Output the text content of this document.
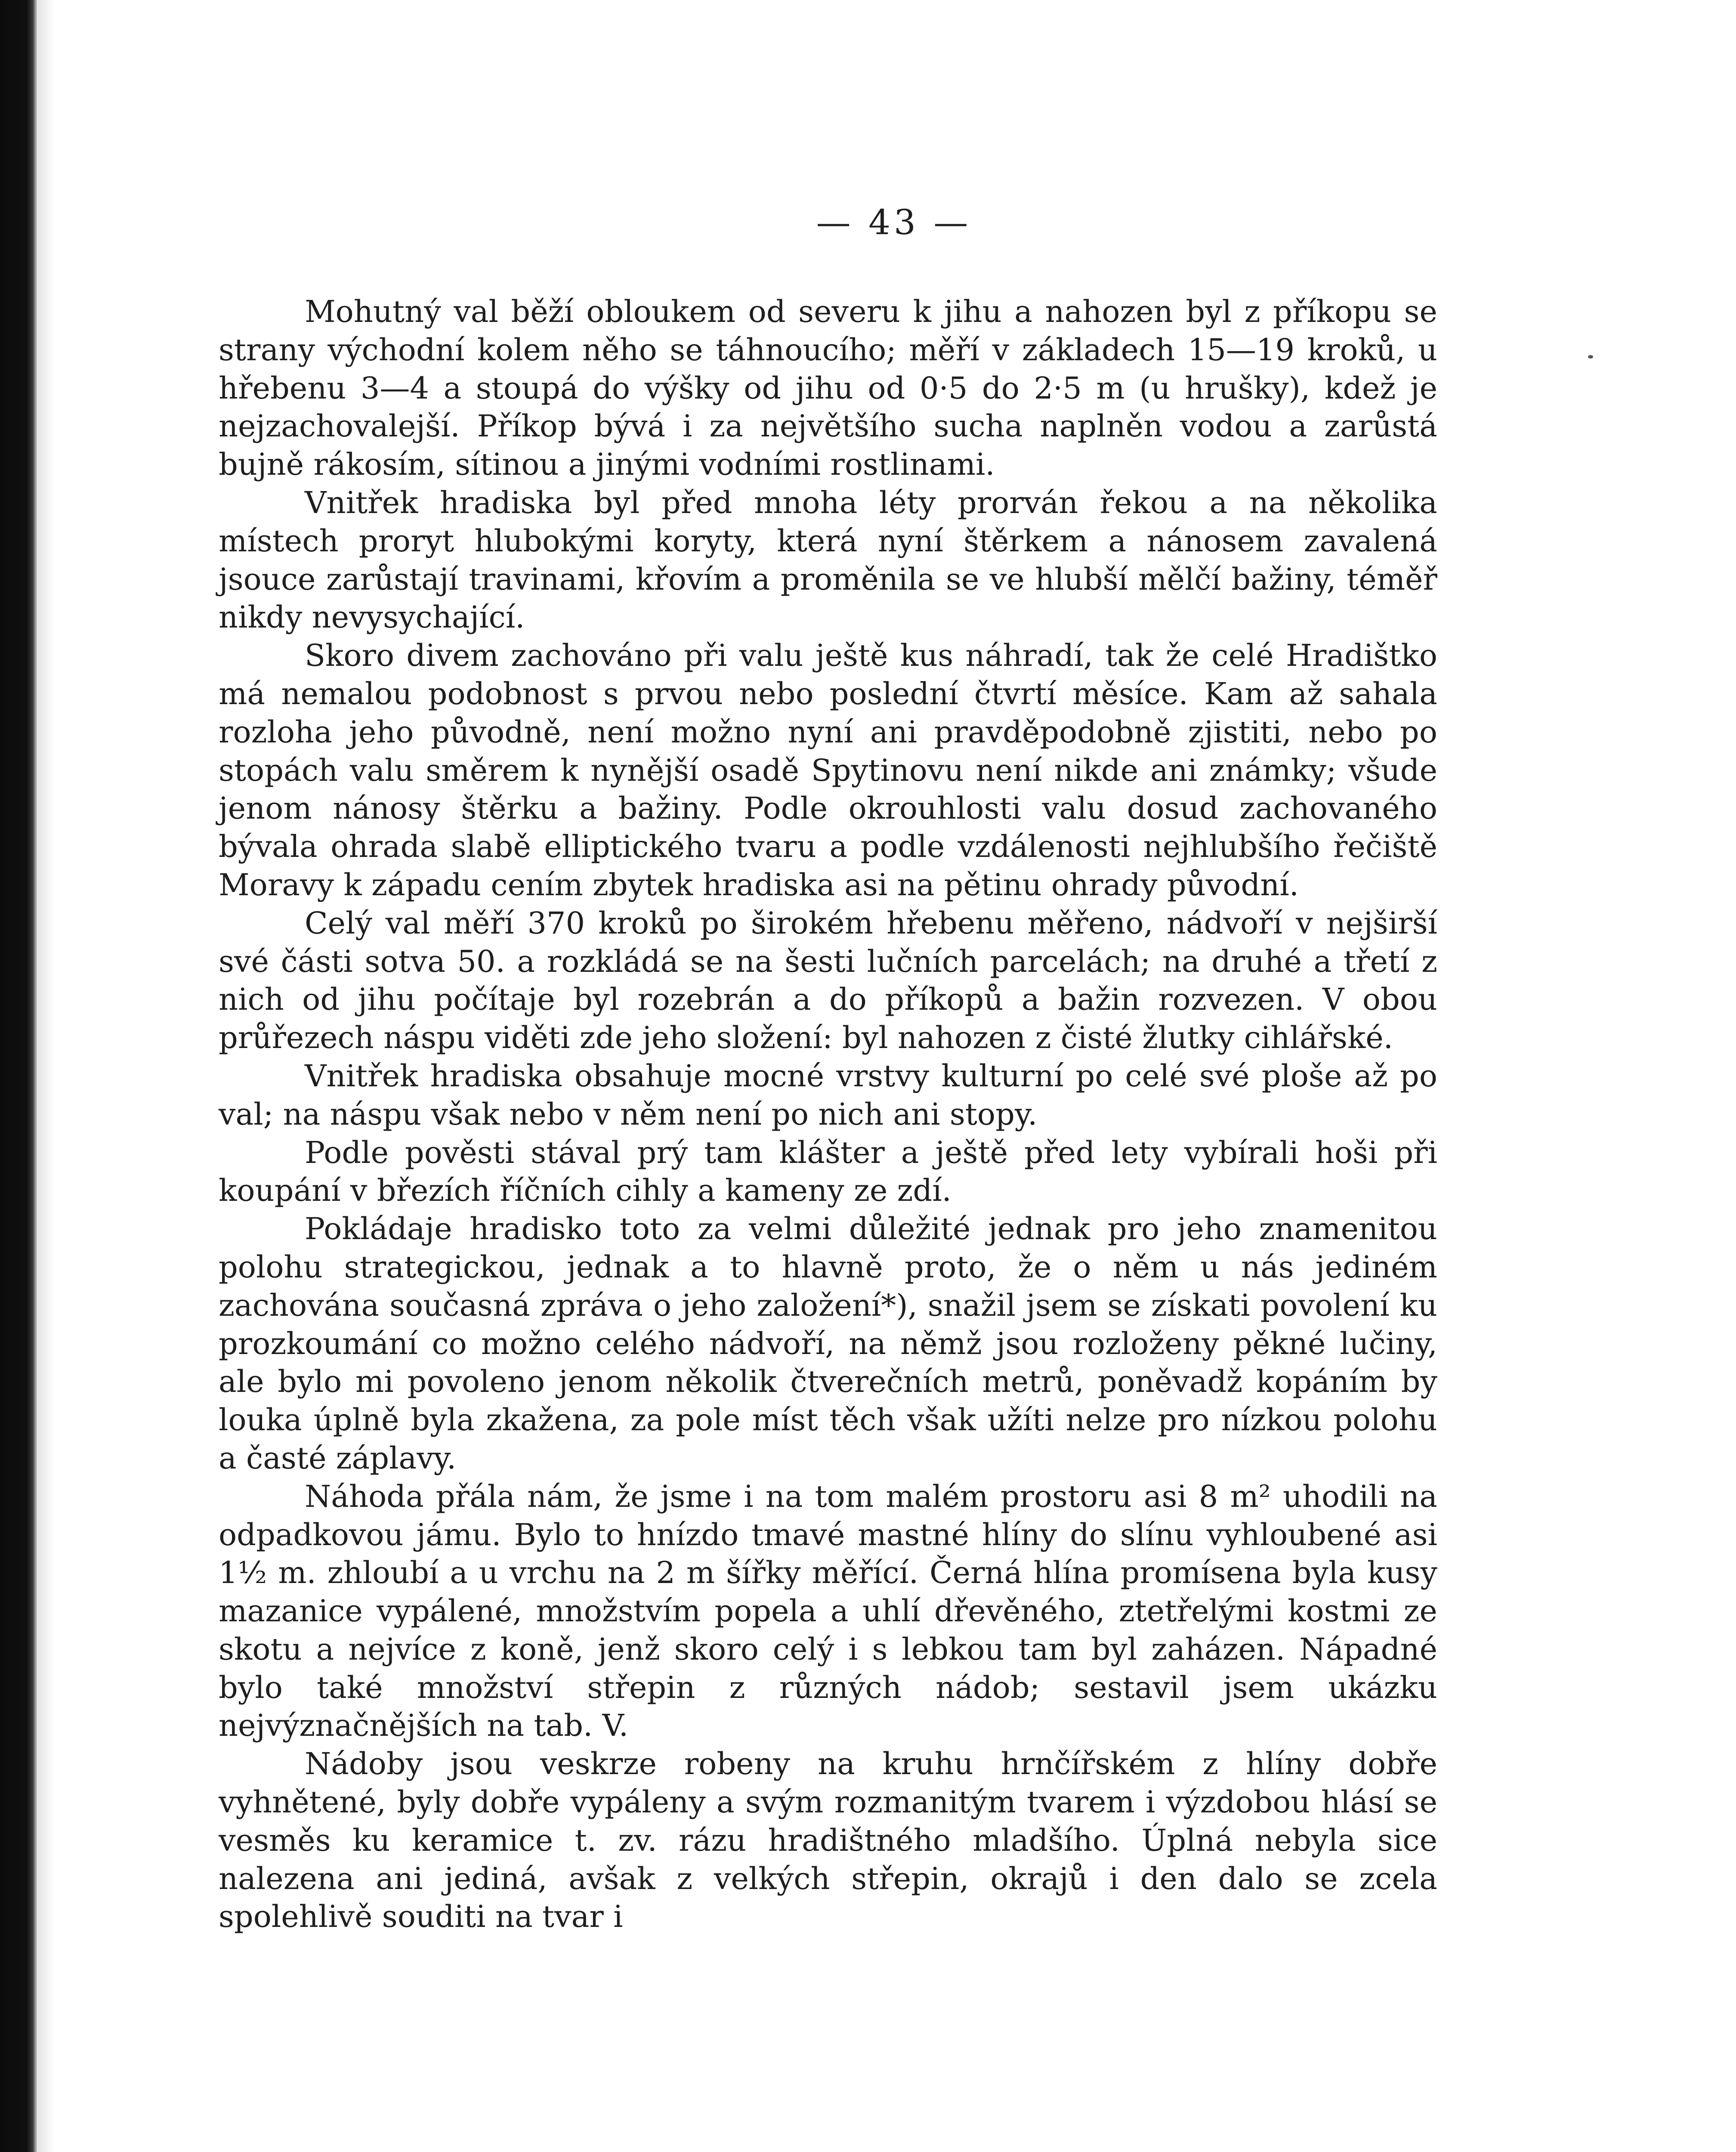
— 43 —

Mohutný val běží obloukem od severu k jihu a nahozen byl z příkopu se strany východní kolem něho se táhnoucího; měří v základech 15—19 kroků, u hřebenu 3—4 a stoupá do výšky od jihu od 0·5 do 2·5 m (u hrušky), kdež je nejzachovalejší. Příkop bývá i za největšího sucha naplněn vodou a zarůstá bujně rákosím, sítinou a jinými vodními rostlinami.

Vnitřek hradiska byl před mnoha léty prorván řekou a na několika místech proryt hlubokými koryty, která nyní štěrkem a nánosem zavalená jsouce zarůstají travinami, křovím a proměnila se ve hlubší mělčí bažiny, téměř nikdy nevysychající.

Skoro divem zachováno při valu ještě kus náhradí, tak že celé Hradištko má nemalou podobnost s prvou nebo poslední čtvrtí měsíce. Kam až sahala rozloha jeho původně, není možno nyní ani pravděpodobně zjistiti, nebo po stopách valu směrem k nynější osadě Spytinovu není nikde ani známky; všude jenom nánosy štěrku a bažiny. Podle okrouhlosti valu dosud zachovaného bývala ohrada slabě elliptického tvaru a podle vzdálenosti nejhlubšího řečiště Moravy k západu cením zbytek hradiska asi na pětinu ohrady původní.

Celý val měří 370 kroků po širokém hřebenu měřeno, nádvoří v nejširší své části sotva 50. a rozkládá se na šesti lučních parcelách; na druhé a třetí z nich od jihu počítaje byl rozebrán a do příkopů a bažin rozvezen. V obou průřezech náspu viděti zde jeho složení: byl nahozen z čisté žlutky cihlářské.

Vnitřek hradiska obsahuje mocné vrstvy kulturní po celé své ploše až po val; na náspu však nebo v něm není po nich ani stopy.

Podle pověsti stával prý tam klášter a ještě před lety vybírali hoši při koupání v březích říčních cihly a kameny ze zdí.

Pokládaje hradisko toto za velmi důležité jednak pro jeho znamenitou polohu strategickou, jednak a to hlavně proto, že o něm u nás jediném zachována současná zpráva o jeho založení*), snažil jsem se získati povolení ku prozkoumání co možno celého nádvoří, na němž jsou rozloženy pěkné lučiny, ale bylo mi povoleno jenom několik čtverečních metrů, poněvadž kopáním by louka úplně byla zkažena, za pole míst těch však užíti nelze pro nízkou polohu a časté záplavy.

Náhoda přála nám, že jsme i na tom malém prostoru asi 8 m² uhodili na odpadkovou jámu. Bylo to hnízdo tmavé mastné hlíny do slínu vyhloubené asi 1½ m. zhloubí a u vrchu na 2 m šířky měřící. Černá hlína promísena byla kusy mazanice vypálené, množstvím popela a uhlí dřevěného, ztetřelými kostmi ze skotu a nejvíce z koně, jenž skoro celý i s lebkou tam byl zaházen. Nápadné bylo také množství střepin z různých nádob; sestavil jsem ukázku nejvýznačnějších na tab. V.

Nádoby jsou veskrze robeny na kruhu hrnčířském z hlíny dobře vyhnětené, byly dobře vypáleny a svým rozmanitým tvarem i výzdobou hlásí se vesměs ku keramice t. zv. rázu hradištného mladšího. Úplná nebyla sice nalezena ani jediná, avšak z velkých střepin, okrajů i den dalo se zcela spolehlivě souditi na tvar i
